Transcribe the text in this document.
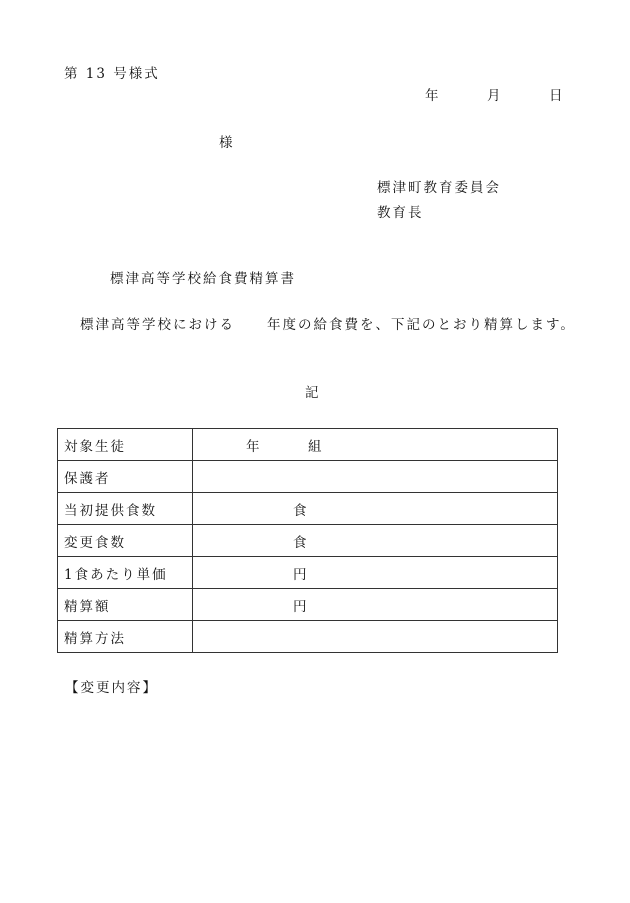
第 13 号様式
年	月	日
様
標津町教育委員会
教育長
標津高等学校給食費精算書
標津高等学校における 年度の給食費を、下記のとおり精算します。
記
対象生徒	年 組

保護者	
当初提供食数	食

変更食数	食

1食あたり単価	円

精算額	円

精算方法	
【変更内容】
